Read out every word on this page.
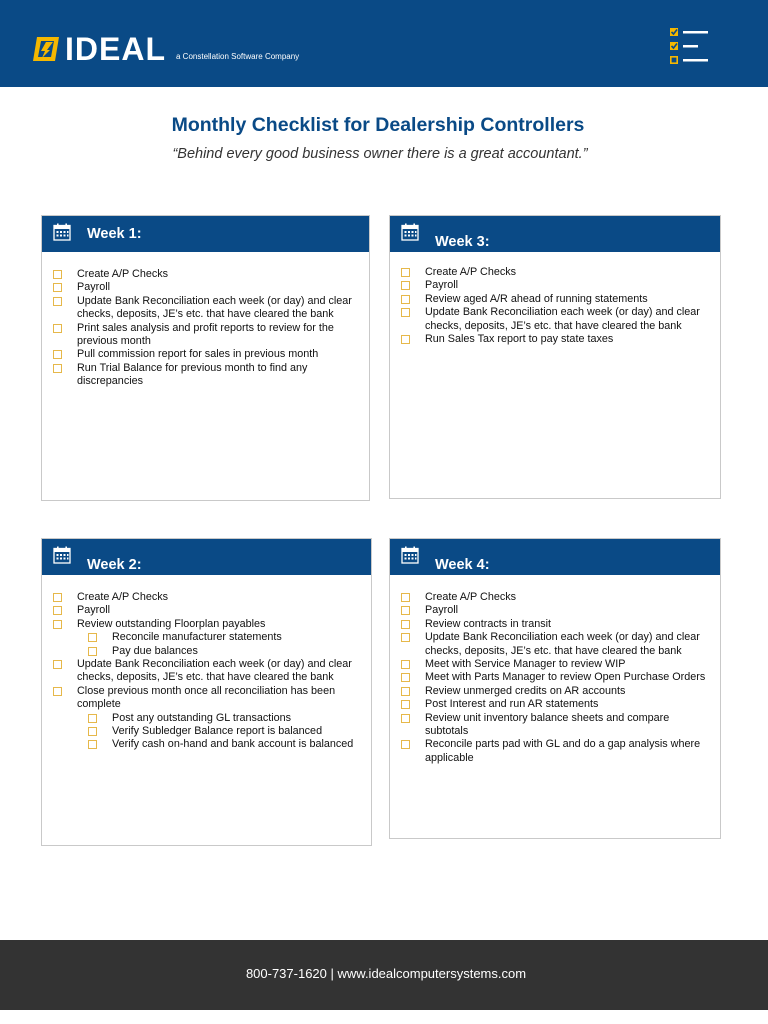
IDEAL a Constellation Software Company
Monthly Checklist for Dealership Controllers
“Behind every good business owner there is a great accountant.”
Week 1:
Create A/P Checks
Payroll
Update Bank Reconciliation each week (or day) and clear checks, deposits, JE’s etc. that have cleared the bank
Print sales analysis and profit reports to review for the previous month
Pull commission report for sales in previous month
Run Trial Balance for previous month to find any discrepancies
Week 3:
Create A/P Checks
Payroll
Review aged A/R ahead of running statements
Update Bank Reconciliation each week (or day) and clear checks, deposits, JE’s etc. that have cleared the bank
Run Sales Tax report to pay state taxes
Week 2:
Create A/P Checks
Payroll
Review outstanding Floorplan payables
Reconcile manufacturer statements
Pay due balances
Update Bank Reconciliation each week (or day) and clear checks, deposits, JE’s etc. that have cleared the bank
Close previous month once all reconciliation has been complete
Post any outstanding GL transactions
Verify Subledger Balance report is balanced
Verify cash on-hand and bank account is balanced
Week 4:
Create A/P Checks
Payroll
Review contracts in transit
Update Bank Reconciliation each week (or day) and clear checks, deposits, JE’s etc. that have cleared the bank
Meet with Service Manager to review WIP
Meet with Parts Manager to review Open Purchase Orders
Review unmerged credits on AR accounts
Post Interest and run AR statements
Review unit inventory balance sheets and compare subtotals
Reconcile parts pad with GL and do a gap analysis where applicable
800-737-1620 | www.idealcomputersystems.com
